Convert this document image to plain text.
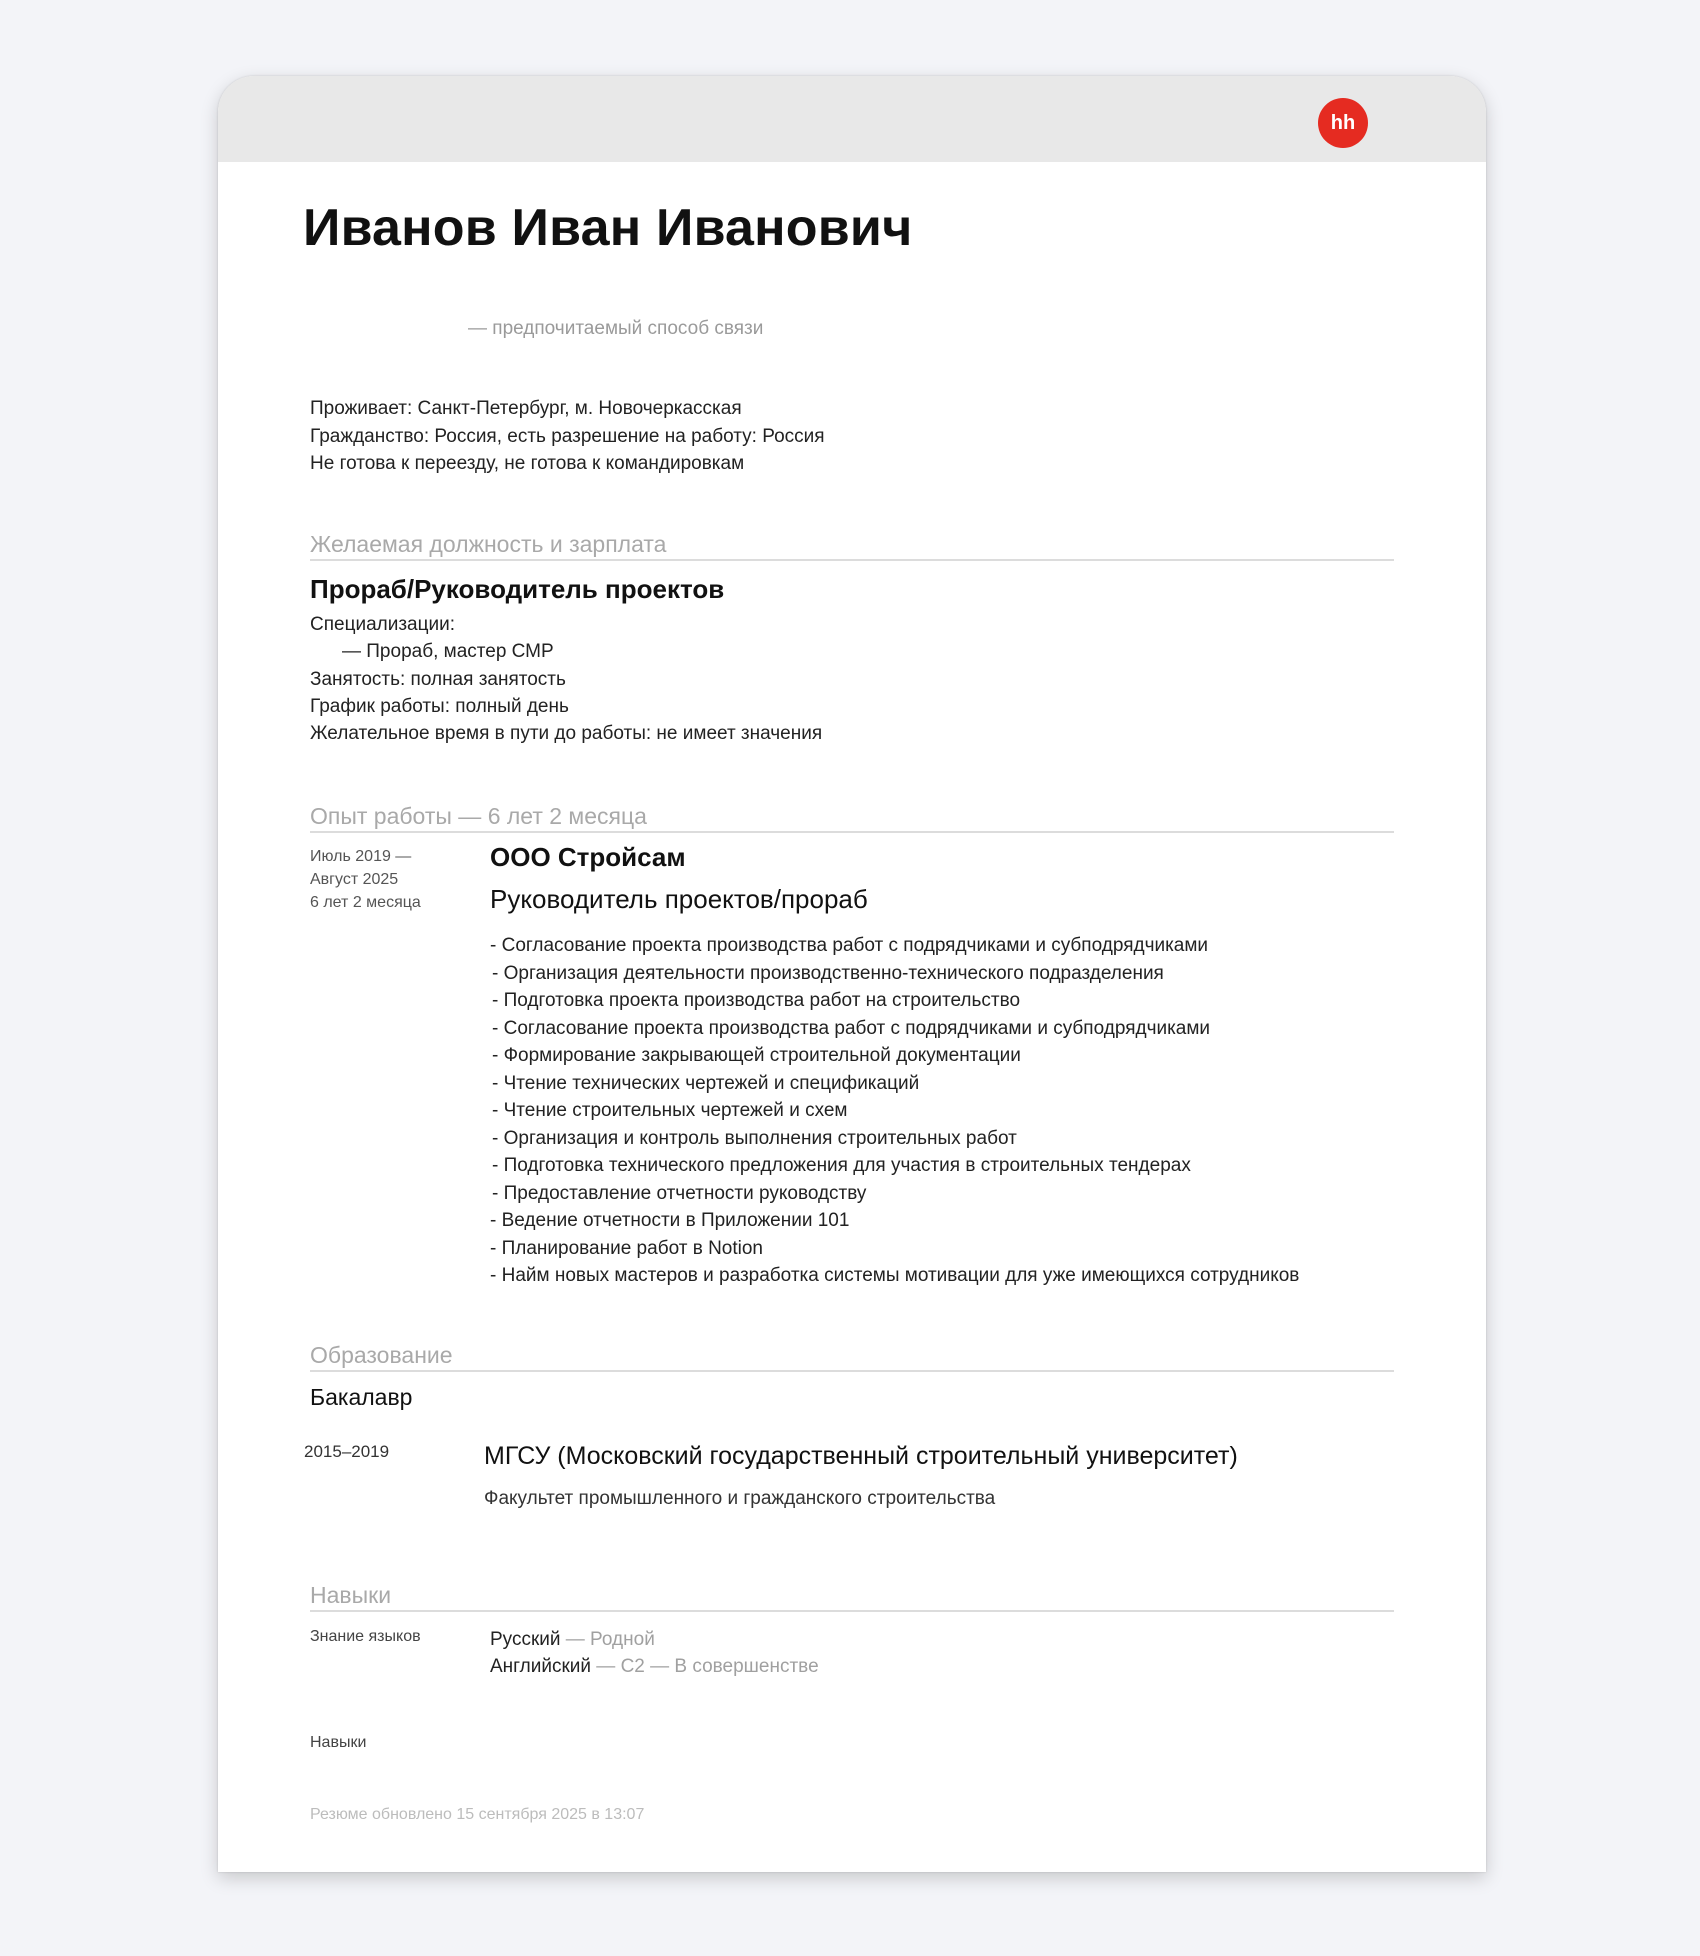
hh
Иванов Иван Иванович
— предпочитаемый способ связи
Проживает: Санкт-Петербург, м. Новочеркасская
Гражданство: Россия, есть разрешение на работу: Россия
Не готова к переезду, не готова к командировкам
Желаемая должность и зарплата
Прораб/Руководитель проектов
Специализации:
— Прораб, мастер СМР
Занятость: полная занятость
График работы: полный день
Желательное время в пути до работы: не имеет значения
Опыт работы — 6 лет 2 месяца
Июль 2019 —
Август 2025
6 лет 2 месяца
ООО Стройсам
Руководитель проектов/прораб
Образование
Бакалавр
2015–2019	МГСУ (Московский государственный строительный университет)
Факультет промышленного и гражданского строительства
Навыки
Знание языков	Русский — Родной
Английский — C2 — В совершенстве
Навыки
Резюме обновлено 15 сентября 2025 в 13:07
- Согласование проекта производства работ с подрядчиками и субподрядчиками
- Организация деятельности производственно-технического подразделения
- Подготовка проекта производства работ на строительство
- Согласование проекта производства работ с подрядчиками и субподрядчиками
- Формирование закрывающей строительной документации
- Чтение технических чертежей и спецификаций
- Чтение строительных чертежей и схем
- Организация и контроль выполнения строительных работ
- Подготовка технического предложения для участия в строительных тендерах
- Предоставление отчетности руководству
- Ведение отчетности в Приложении 101
- Планирование работ в Notion
- Найм новых мастеров и разработка системы мотивации для уже имеющихся сотрудников
